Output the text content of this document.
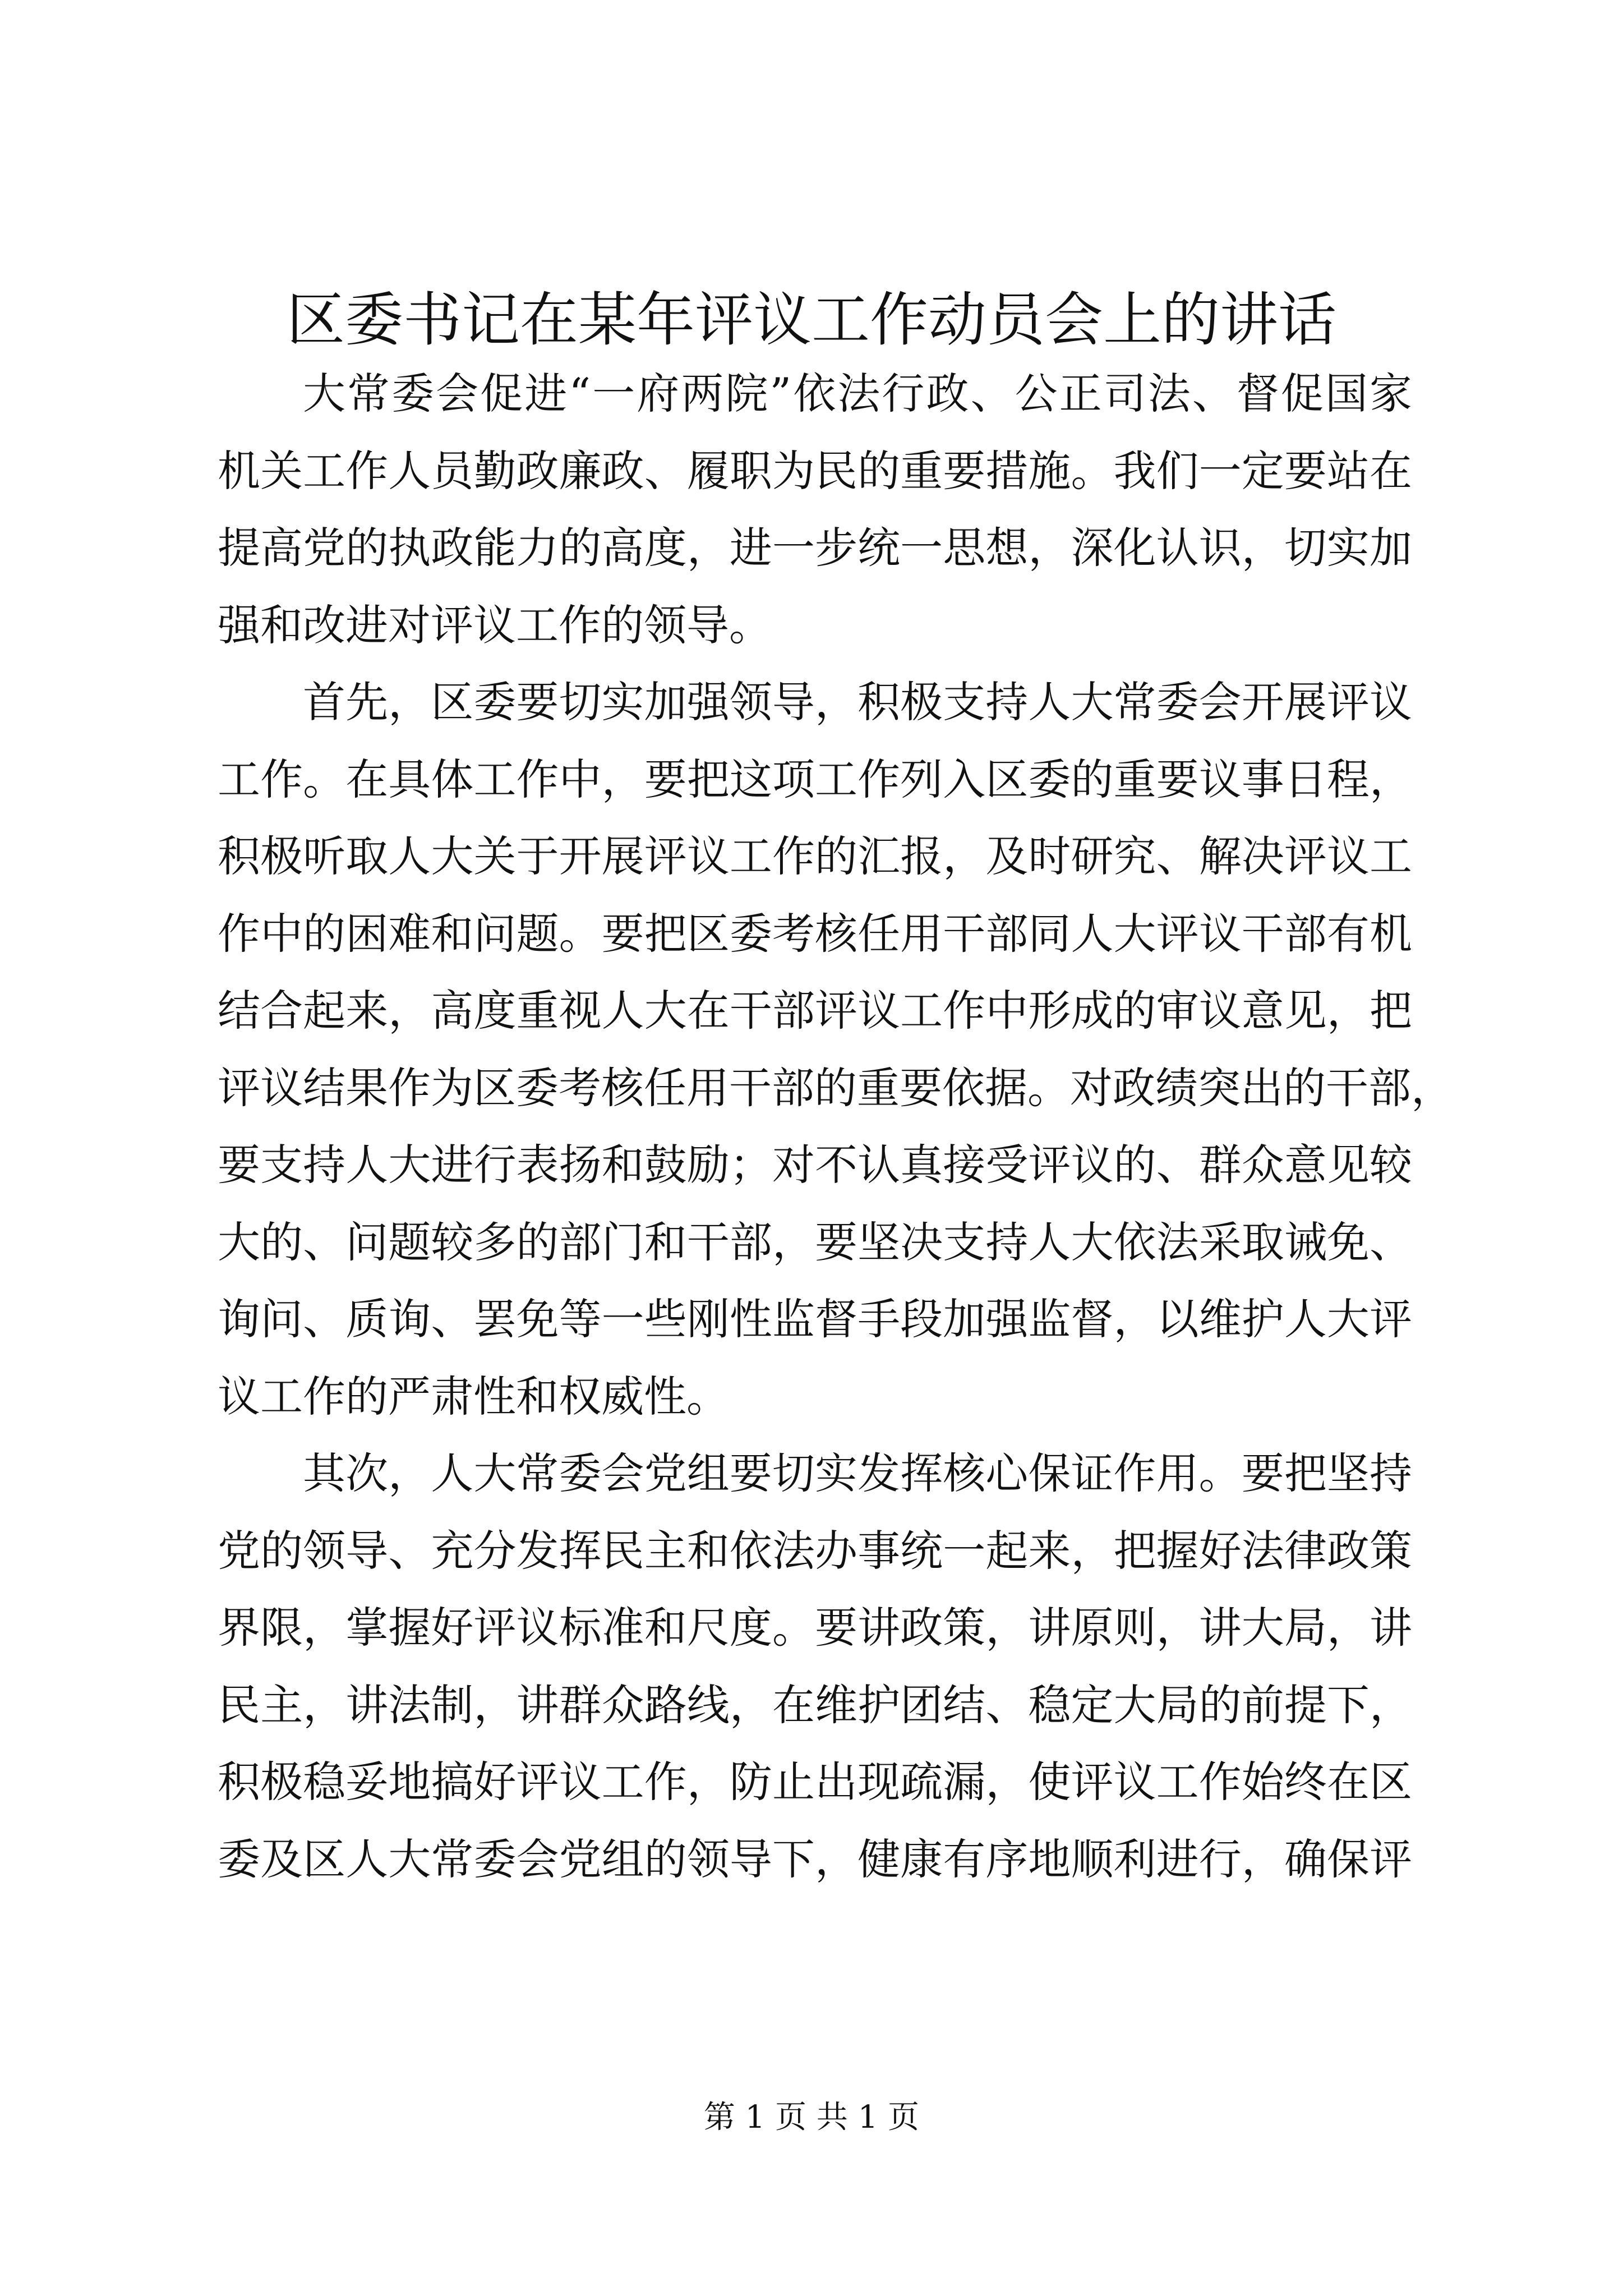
区委书记在某年评议工作动员会上的讲话
大常委会促进“一府两院”依法行政、公正司法、督促国家
机关工作人员勤政廉政、履职为民的重要措施。我们一定要站在
提高党的执政能力的高度，进一步统一思想，深化认识，切实加
强和改进对评议工作的领导。
首先，区委要切实加强领导，积极支持人大常委会开展评议
工作。在具体工作中，要把这项工作列入区委的重要议事日程，
积极听取人大关于开展评议工作的汇报，及时研究、解决评议工
作中的困难和问题。要把区委考核任用干部同人大评议干部有机
结合起来，高度重视人大在干部评议工作中形成的审议意见，把
评议结果作为区委考核任用干部的重要依据。对政绩突出的干部，
要支持人大进行表扬和鼓励；对不认真接受评议的、群众意见较
大的、问题较多的部门和干部，要坚决支持人大依法采取诫免、
询问、质询、罢免等一些刚性监督手段加强监督，以维护人大评
议工作的严肃性和权威性。
其次，人大常委会党组要切实发挥核心保证作用。要把坚持
党的领导、充分发挥民主和依法办事统一起来，把握好法律政策
界限，掌握好评议标准和尺度。要讲政策，讲原则，讲大局，讲
民主，讲法制，讲群众路线，在维护团结、稳定大局的前提下，
积极稳妥地搞好评议工作，防止出现疏漏，使评议工作始终在区
委及区人大常委会党组的领导下，健康有序地顺利进行，确保评
第 1 页 共 1 页
